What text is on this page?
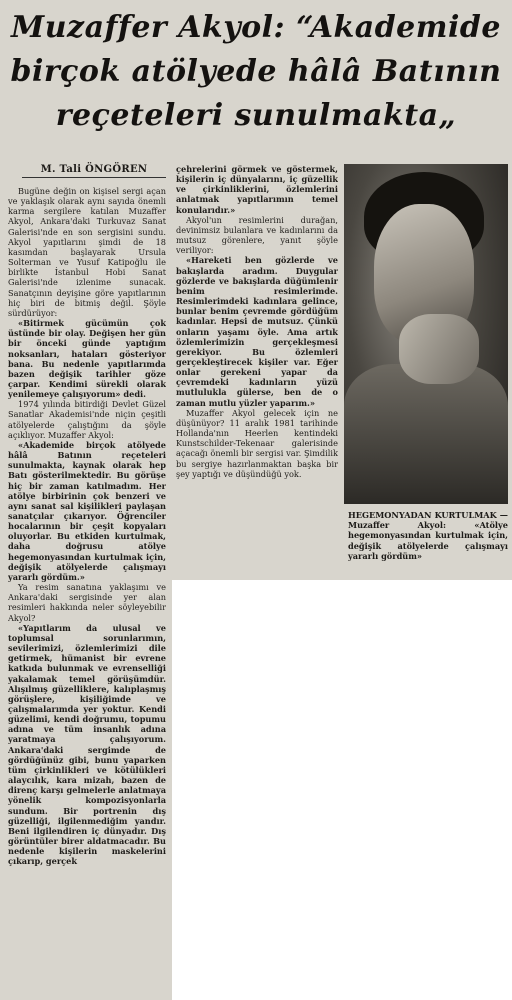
Muzaffer Akyol: “Akademide
birçok atölyede hâlâ Batının
reçeteleri sunulmakta„
M. Tali ÖNGÖREN

Bugüne değin on kişisel sergi açan ve yaklaşık olarak aynı sayıda önemli karma sergilere katılan Muzaffer Akyol, Ankara'daki Turkuvaz Sanat Galerisi'nde en son sergisini sundu. Akyol yapıtlarını şimdi de 18 kasımdan başlayarak Ursula Solterman ve Yusuf Katipoğlu ile birlikte İstanbul Hobi Sanat Galerisi'nde izlenime sunacak. Sanatçının deyişine göre yapıtlarının hiç biri de bitmiş değil. Şöyle sürdürüyor:

«Bitirmek gücümün çok üstünde bir olay. Değişen her gün bir önceki günde yaptığım noksanları, hataları gösteriyor bana. Bu nedenle yapıtlarımda bazen değişik tarihler göze çarpar. Kendimi sürekli olarak yenilemeye çalışıyorum» dedi.

1974 yılında bitirdiği Devlet Güzel Sanatlar Akademisi'nde niçin çeşitli atölyelerde çalıştığını da şöyle açıklıyor. Muzaffer Akyol:

«Akademide birçok atölyede hâlâ Batının reçeteleri sunulmakta, kaynak olarak hep Batı gösterilmektedir. Bu görüşe hiç bir zaman katılmadım. Her atölye birbirinin çok benzeri ve aynı sanat sal kişilikleri paylaşan sanatçılar çıkarıyor. Öğrenciler hocalarının bir çeşit kopyaları oluyorlar. Bu etkiden kurtulmak, daha doğrusu atölye hegemonyasından kurtulmak için, değişik atölyelerde çalışmayı yararlı gördüm.»

Ya resim sanatına yaklaşımı ve Ankara'daki sergisinde yer alan resimleri hakkında neler söyleyebilir Akyol?

«Yapıtlarım da ulusal ve toplumsal sorunlarımın, sevilerimizi, özlemlerimizi dile getirmek, hümanist bir evrene katkıda bulunmak ve evrenselliği yakalamak temel görüşümdür. Alışılmış güzelliklere, kalıplaşmış görüşlere, kişiliğimde ve çalışmalarımda yer yoktur. Kendi güzelimi, kendi doğrumu, topumu adına ve tüm insanlık adına yaratmaya çalışıyorum. Ankara'daki sergimde de gördüğünüz gibi, bunu yaparken tüm çirkinlikleri ve kötülükleri alaycılık, kara mizah, bazen de direnç karşı gelmelerle anlatmaya yönelik kompozisyonlarla sundum. Bir portrenin dış güzelliği, ilgilenmediğim yandır. Beni ilgilendiren iç dünyadır. Dış görüntüler birer aldatmacadır. Bu nedenle kişilerin maskelerini çıkarıp, gerçek

çehrelerini görmek ve göstermek, kişilerin iç dünyalarını, iç güzellik ve çirkinliklerini, özlemlerini anlatmak yapıtlarımın temel konularıdır.»

Akyol'un resimlerini durağan, devinimsiz bulanlara ve kadınlarını da mutsuz görenlere, yanıt şöyle veriliyor:

«Hareketi ben gözlerde ve bakışlarda aradım. Duygular gözlerde ve bakışlarda düğümlenir benim resimlerimde. Resimlerimdeki kadınlara gelince, bunlar benim çevremde gördüğüm kadınlar. Hepsi de mutsuz. Çünkü onların yaşamı öyle. Ama artık özlemlerimizin gerçekleşmesi gerekiyor. Bu özlemleri gerçekleştirecek kişiler var. Eğer onlar gerekeni yapar da çevremdeki kadınların yüzü mutlulukla gülerse, ben de o zaman mutlu yüzler yaparım.»

Muzaffer Akyol gelecek için ne düşünüyor? 11 aralık 1981 tarihinde Hollanda'nın Heerlen kentindeki Kunstschilder-Tekenaar galerisinde açacağı önemli bir sergisi var. Şimdilik bu sergiye hazırlanmaktan başka bir şey yaptığı ve düşündüğü yok.

HEGEMONYADAN KURTULMAK — Muzaffer Akyol: «Atölye hegemonyasından kurtulmak için, değişik atölyelerde çalışmayı yararlı gördüm»
